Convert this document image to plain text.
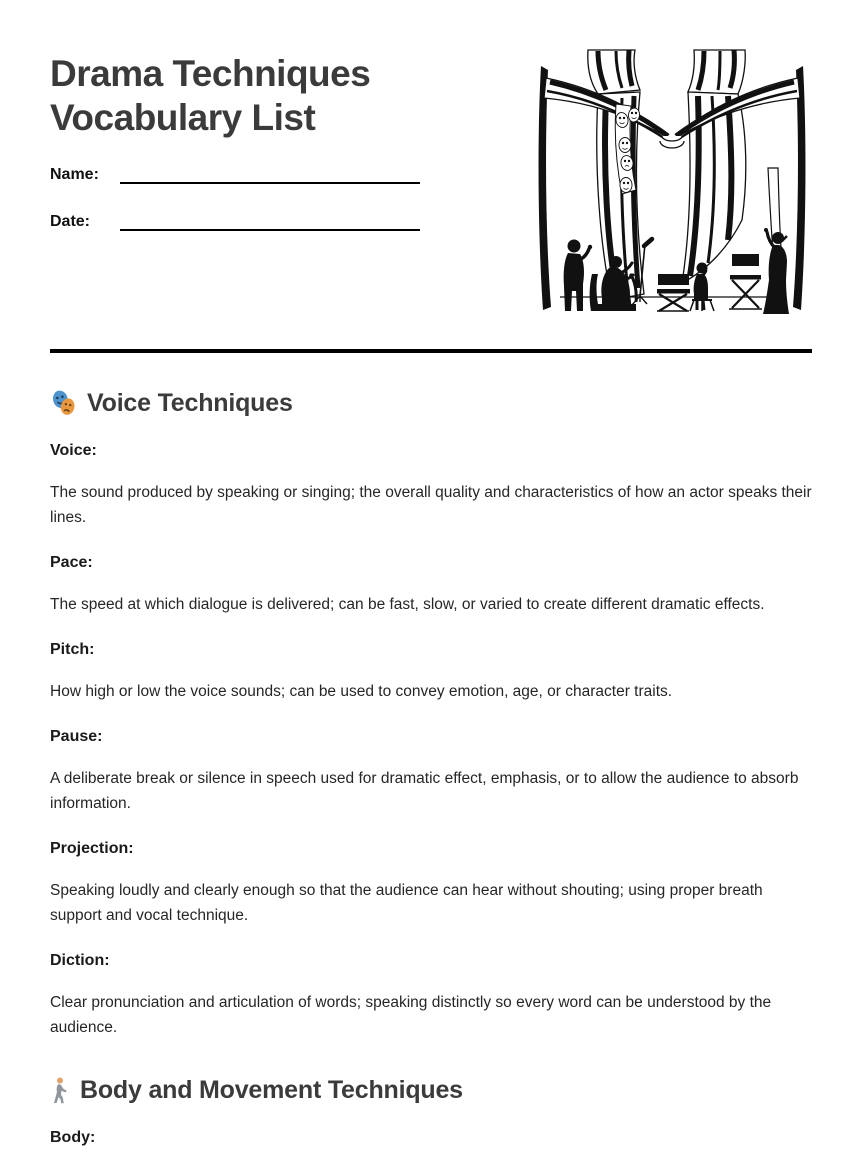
Drama Techniques Vocabulary List
Name:
Date:
Voice Techniques
Voice:

The sound produced by speaking or singing; the overall quality and characteristics of how an actor speaks their lines.

Pace:

The speed at which dialogue is delivered; can be fast, slow, or varied to create different dramatic effects.

Pitch:

How high or low the voice sounds; can be used to convey emotion, age, or character traits.

Pause:

A deliberate break or silence in speech used for dramatic effect, emphasis, or to allow the audience to absorb information.

Projection:

Speaking loudly and clearly enough so that the audience can hear without shouting; using proper breath support and vocal technique.

Diction:

Clear pronunciation and articulation of words; speaking distinctly so every word can be understood by the audience.

Body and Movement Techniques
Body:
